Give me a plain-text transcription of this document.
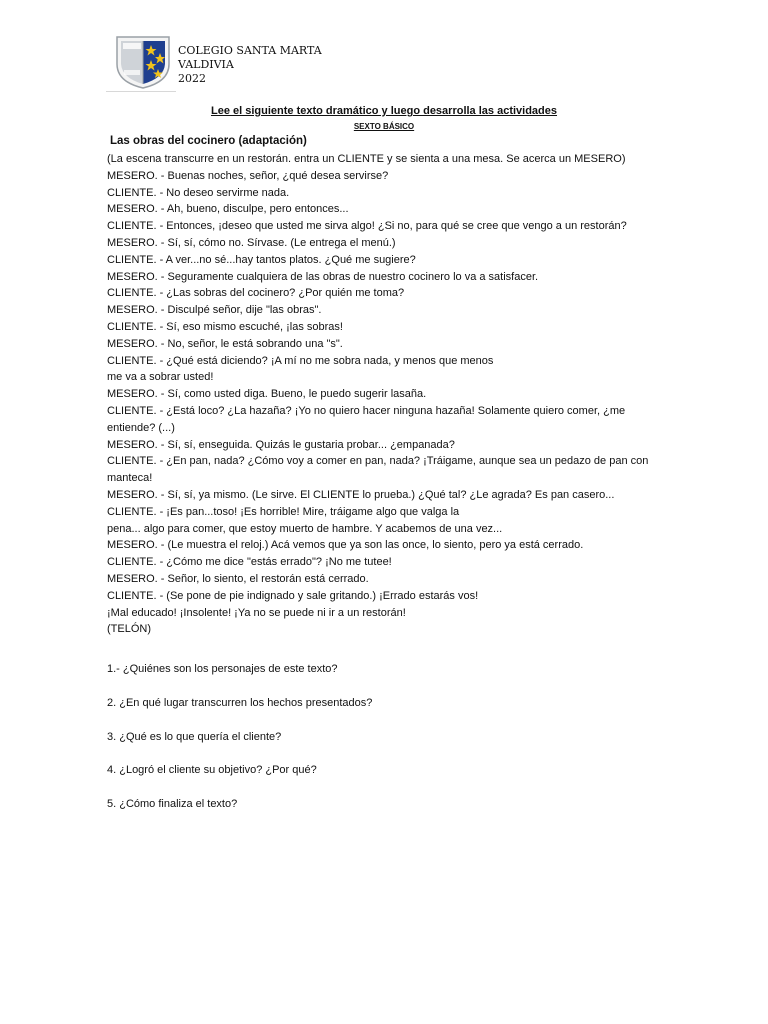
COLEGIO SANTA MARTA
VALDIVIA
2022
Lee el siguiente texto dramático y luego desarrolla las actividades
SEXTO BÁSICO
Las obras del cocinero (adaptación)
(La escena transcurre en un restorán. entra un CLIENTE y se sienta a una mesa. Se acerca un MESERO)
MESERO. - Buenas noches, señor, ¿qué desea servirse?
CLIENTE. - No deseo servirme nada.
MESERO. - Ah, bueno, disculpe, pero entonces...
CLIENTE. - Entonces, ¡deseo que usted me sirva algo! ¿Si no, para qué se cree que vengo a un restorán?
MESERO. - Sí, sí, cómo no. Sírvase. (Le entrega el menú.)
CLIENTE. - A ver...no sé...hay tantos platos. ¿Qué me sugiere?
MESERO. - Seguramente cualquiera de las obras de nuestro cocinero lo va a satisfacer.
CLIENTE. - ¿Las sobras del cocinero? ¿Por quién me toma?
MESERO. - Disculpé señor, dije "las obras".
CLIENTE. - Sí, eso mismo escuché, ¡las sobras!
MESERO. - No, señor, le está sobrando una "s".
CLIENTE. - ¿Qué está diciendo? ¡A mí no me sobra nada, y menos que menos
me va a sobrar usted!
MESERO. - Sí, como usted diga. Bueno, le puedo sugerir lasaña.
CLIENTE. - ¿Está loco? ¿La hazaña? ¡Yo no quiero hacer ninguna hazaña! Solamente quiero comer, ¿me
entiende? (...)
MESERO. - Sí, sí, enseguida. Quizás le gustaria probar... ¿empanada?
CLIENTE. - ¿En pan, nada? ¿Cómo voy a comer en pan, nada? ¡Tráigame, aunque sea un pedazo de pan con
manteca!
MESERO. - Sí, sí, ya mismo. (Le sirve. El CLIENTE lo prueba.) ¿Qué tal? ¿Le agrada? Es pan casero...
CLIENTE. - ¡Es pan...toso! ¡Es horrible! Mire, tráigame algo que valga la
pena... algo para comer, que estoy muerto de hambre. Y acabemos de una vez...
MESERO. - (Le muestra el reloj.) Acá vemos que ya son las once, lo siento, pero ya está cerrado.
CLIENTE. - ¿Cómo me dice "estás errado"? ¡No me tutee!
MESERO. - Señor, lo siento, el restorán está cerrado.
CLIENTE. - (Se pone de pie indignado y sale gritando.) ¡Errado estarás vos!
¡Mal educado! ¡Insolente! ¡Ya no se puede ni ir a un restorán!
(TELÓN)
1.- ¿Quiénes son los personajes de este texto?
2. ¿En qué lugar transcurren los hechos presentados?
3. ¿Qué es lo que quería el cliente?
4. ¿Logró el cliente su objetivo? ¿Por qué?
5. ¿Cómo finaliza el texto?
